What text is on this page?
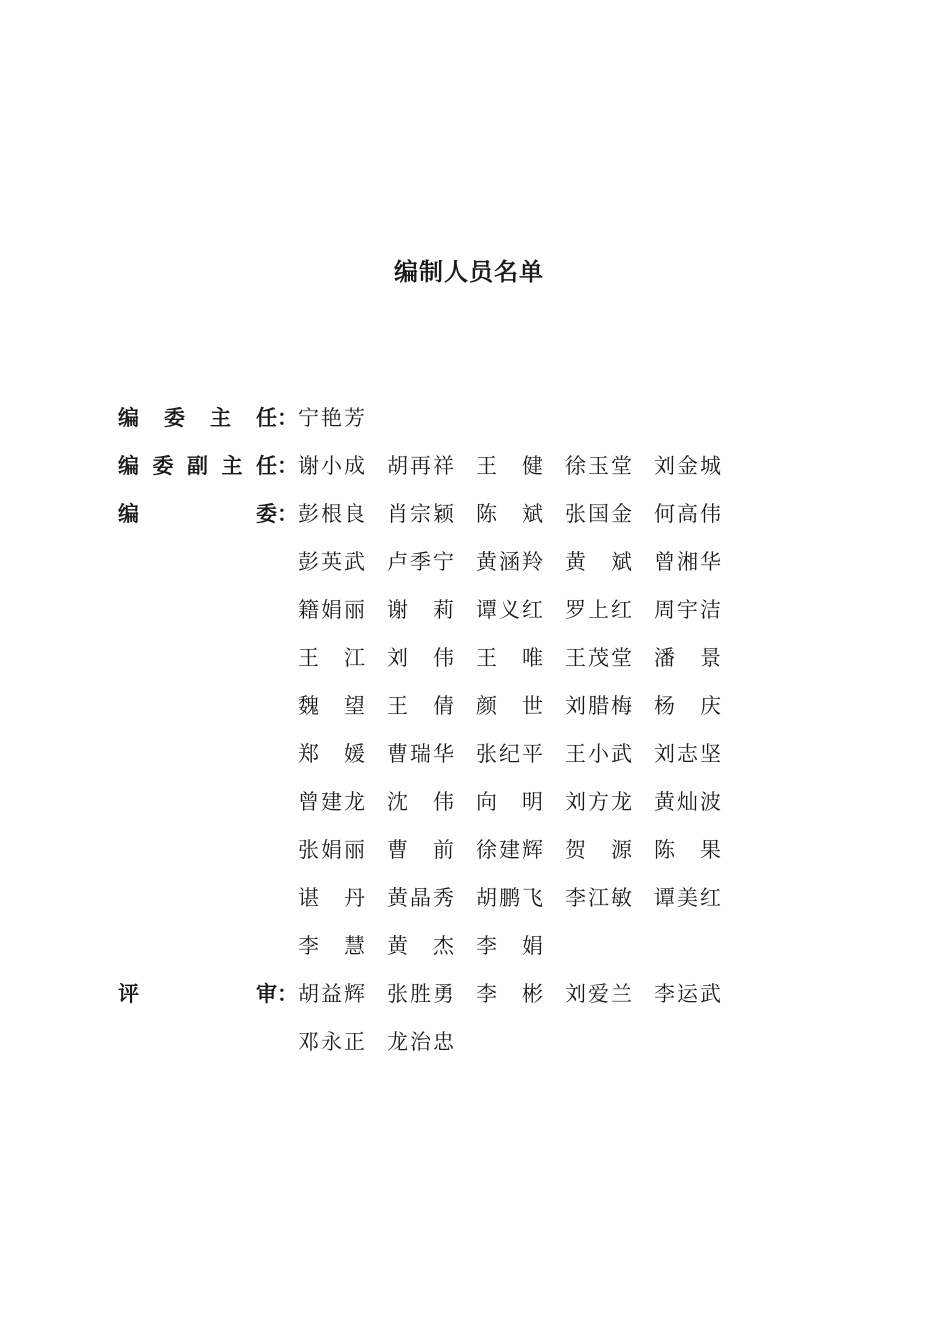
编制人员名单
编 委 主 任： 宁艳芳
编 委 副 主 任： 谢小成	胡再祥	王　健	徐玉堂	刘金城
编	委： 彭根良	肖宗颖	陈　斌	张国金	何高伟
彭英武	卢季宁	黄涵羚	黄　斌	曾湘华
籍娟丽	谢　莉	谭义红	罗上红	周宇洁
王　江	刘　伟	王　唯	王茂堂	潘　景
魏　望	王　倩	颜　世	刘腊梅	杨　庆
郑　媛	曹瑞华	张纪平	王小武	刘志坚
曾建龙	沈　伟	向　明	刘方龙	黄灿波
张娟丽	曹　前	徐建辉	贺　源	陈　果
谌　丹	黄晶秀	胡鹏飞	李江敏	谭美红
李　慧	黄　杰	李　娟
评	审： 胡益辉	张胜勇	李　彬	刘爱兰	李运武
邓永正	龙治忠
